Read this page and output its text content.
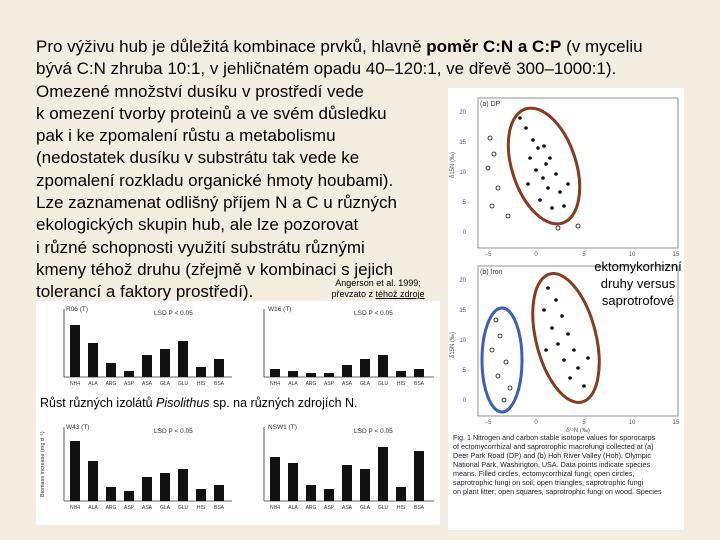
Pro výživu hub je důležitá kombinace prvků, hlavně poměr C:N a C:P (v myceliu
bývá C:N zhruba 10:1, v jehličnatém opadu 40–120:1, ve dřevě 300–1000:1).
Omezené množství dusíku v prostředí vede
k omezení tvorby proteinů a ve svém důsledku
pak i ke zpomalení růstu a metabolismu
(nedostatek dusíku v substrátu tak vede ke
zpomalení rozkladu organické hmoty houbami).
Lze zaznamenat odlišný příjem N a C u různých
ekologických skupin hub, ale lze pozorovat
i různé schopnosti využití substrátu různými
kmeny téhož druhu (zřejmě v kombinaci s jejich
tolerancí a faktory prostředí).

(a) DP
20
15
10
5
0
δ15N (‰)
−5	0	5	10	15
(b) Iron
20
15
10
5
0
δ15N (‰)
−5	0	5	10	15
δ¹⁵N (‰)
Fig. 1 Nitrogen and carbon stable isotope values for sporocarps
of ectomycorrhizal and saprotrophic macrofungi collected at (a)
Deer Park Road (DP) and (b) Hoh River Valley (Hoh), Olympic
National Park, Washington, USA. Data points indicate species
means. Filled circles, ectomycorrhizal fungi; open circles,
saprotrophic fungi on soil; open triangles, saprotrophic fungi
on plant litter; open squares, saprotrophic fungi on wood. Species
ektomykorhizní
druhy versus
saprotrofové
Angerson et al. 1999;
převzato z téhož zdroje
R06 (T)
LSD P < 0.05
NH4 ALA ARG ASP ASA GLA GLU HIS BSA
W16 (T)
LSD P < 0.05
NH4 ALA ARG ASP ASA GLA GLU HIS BSA
W43 (T)
LSD P < 0.05
NH4 ALA ARG ASP ASA GLA GLU HIS BSA
Biomass increase (mg d⁻¹)
NSW1 (T)
LSD P < 0.05
NH4 ALA ARG ASP ASA GLA GLU HIS BSA
Růst různých izolátů Pisolithus sp. na různých zdrojích N.
